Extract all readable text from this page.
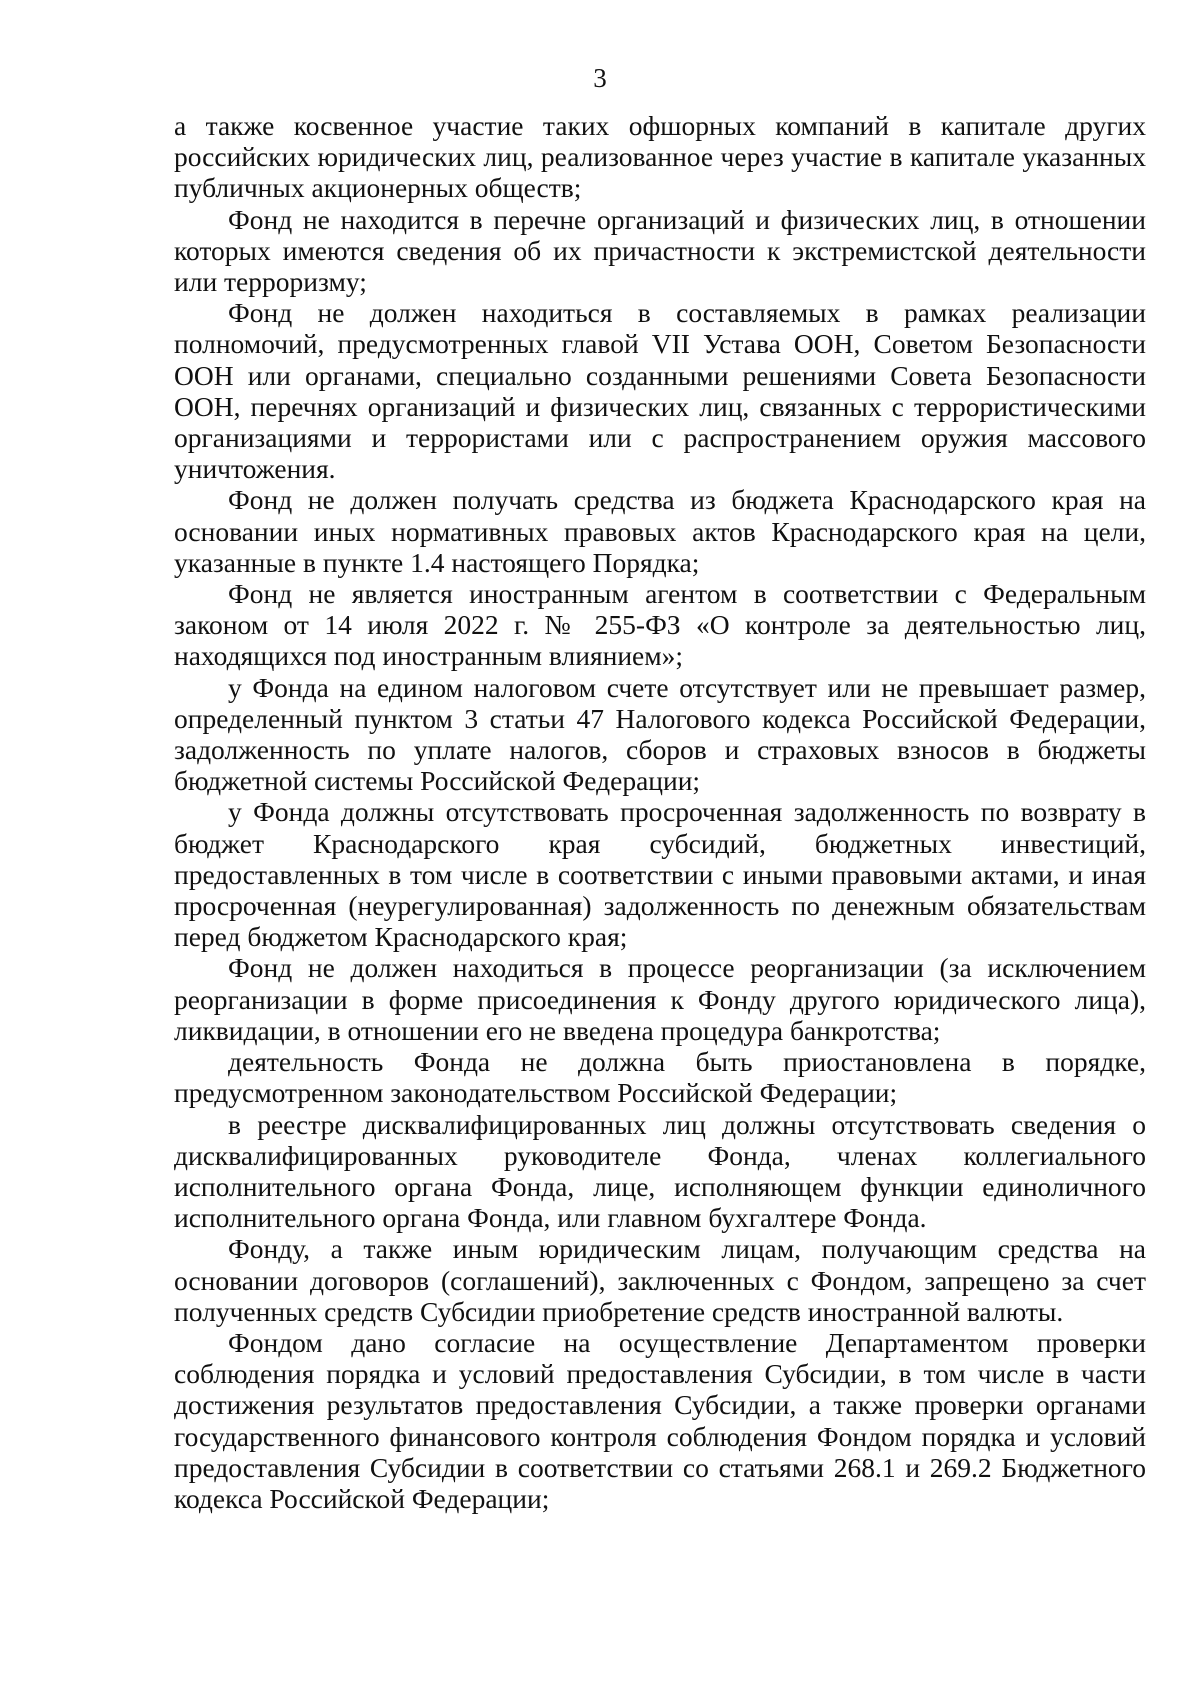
3

а также косвенное участие таких офшорных компаний в капитале других российских юридических лиц, реализованное через участие в капитале указанных публичных акционерных обществ;

Фонд не находится в перечне организаций и физических лиц, в отношении которых имеются сведения об их причастности к экстремистской деятельности или терроризму;

Фонд не должен находиться в составляемых в рамках реализации полномочий, предусмотренных главой VII Устава ООН, Советом Безопасности ООН или органами, специально созданными решениями Совета Безопасности ООН, перечнях организаций и физических лиц, связанных с террористическими организациями и террористами или с распространением оружия массового уничтожения.

Фонд не должен получать средства из бюджета Краснодарского края на основании иных нормативных правовых актов Краснодарского края на цели, указанные в пункте 1.4 настоящего Порядка;

Фонд не является иностранным агентом в соответствии с Федеральным законом от 14 июля 2022 г. № 255-ФЗ «О контроле за деятельностью лиц, находящихся под иностранным влиянием»;

у Фонда на едином налоговом счете отсутствует или не превышает размер, определенный пунктом 3 статьи 47 Налогового кодекса Российской Федерации, задолженность по уплате налогов, сборов и страховых взносов в бюджеты бюджетной системы Российской Федерации;

у Фонда должны отсутствовать просроченная задолженность по возврату в бюджет Краснодарского края субсидий, бюджетных инвестиций, предоставленных в том числе в соответствии с иными правовыми актами, и иная просроченная (неурегулированная) задолженность по денежным обязательствам перед бюджетом Краснодарского края;

Фонд не должен находиться в процессе реорганизации (за исключением реорганизации в форме присоединения к Фонду другого юридического лица), ликвидации, в отношении его не введена процедура банкротства;

деятельность Фонда не должна быть приостановлена в порядке, предусмотренном законодательством Российской Федерации;

в реестре дисквалифицированных лиц должны отсутствовать сведения о дисквалифицированных руководителе Фонда, членах коллегиального исполнительного органа Фонда, лице, исполняющем функции единоличного исполнительного органа Фонда, или главном бухгалтере Фонда.

Фонду, а также иным юридическим лицам, получающим средства на основании договоров (соглашений), заключенных с Фондом, запрещено за счет полученных средств Субсидии приобретение средств иностранной валюты.

Фондом дано согласие на осуществление Департаментом проверки соблюдения порядка и условий предоставления Субсидии, в том числе в части достижения результатов предоставления Субсидии, а также проверки органами государственного финансового контроля соблюдения Фондом порядка и условий предоставления Субсидии в соответствии со статьями 268.1 и 269.2 Бюджетного кодекса Российской Федерации;
